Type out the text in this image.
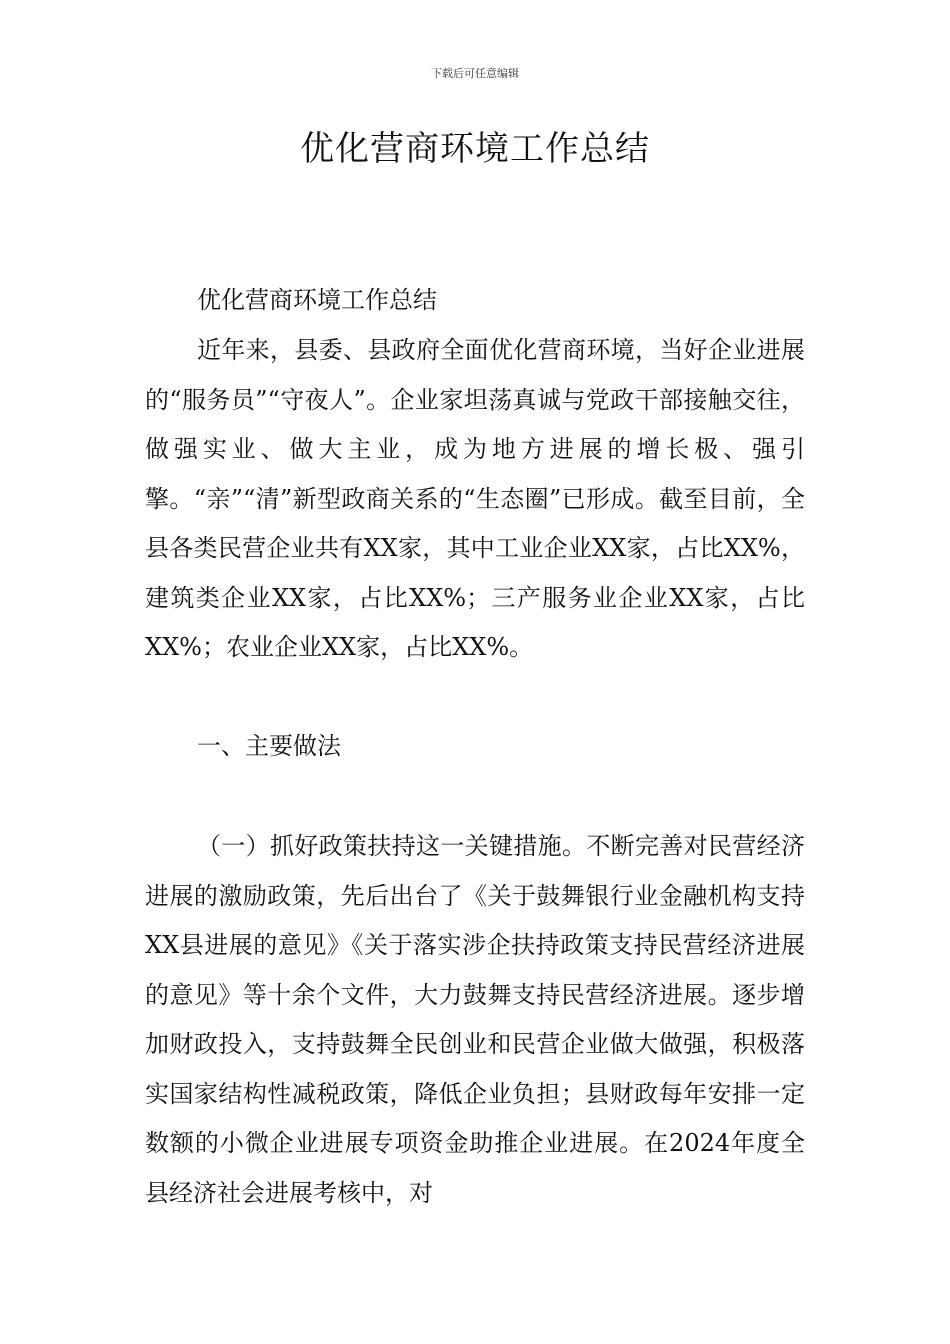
下载后可任意编辑
优化营商环境工作总结

优化营商环境工作总结

近年来，县委、县政府全面优化营商环境，当好企业进展的“服务员”“守夜人”。企业家坦荡真诚与党政干部接触交往，做强实业、做大主业，成为地方进展的增长极、强引擎。“亲”“清”新型政商关系的“生态圈”已形成。截至目前，全县各类民营企业共有XX家，其中工业企业XX家，占比XX%，建筑类企业XX家，占比XX%；三产服务业企业XX家，占比XX%；农业企业XX家，占比XX%。

一、主要做法

（一）抓好政策扶持这一关键措施。不断完善对民营经济进展的激励政策，先后出台了《关于鼓舞银行业金融机构支持XX县进展的意见》《关于落实涉企扶持政策支持民营经济进展的意见》等十余个文件，大力鼓舞支持民营经济进展。逐步增加财政投入，支持鼓舞全民创业和民营企业做大做强，积极落实国家结构性减税政策，降低企业负担；县财政每年安排一定数额的小微企业进展专项资金助推企业进展。在2024年度全县经济社会进展考核中，对
